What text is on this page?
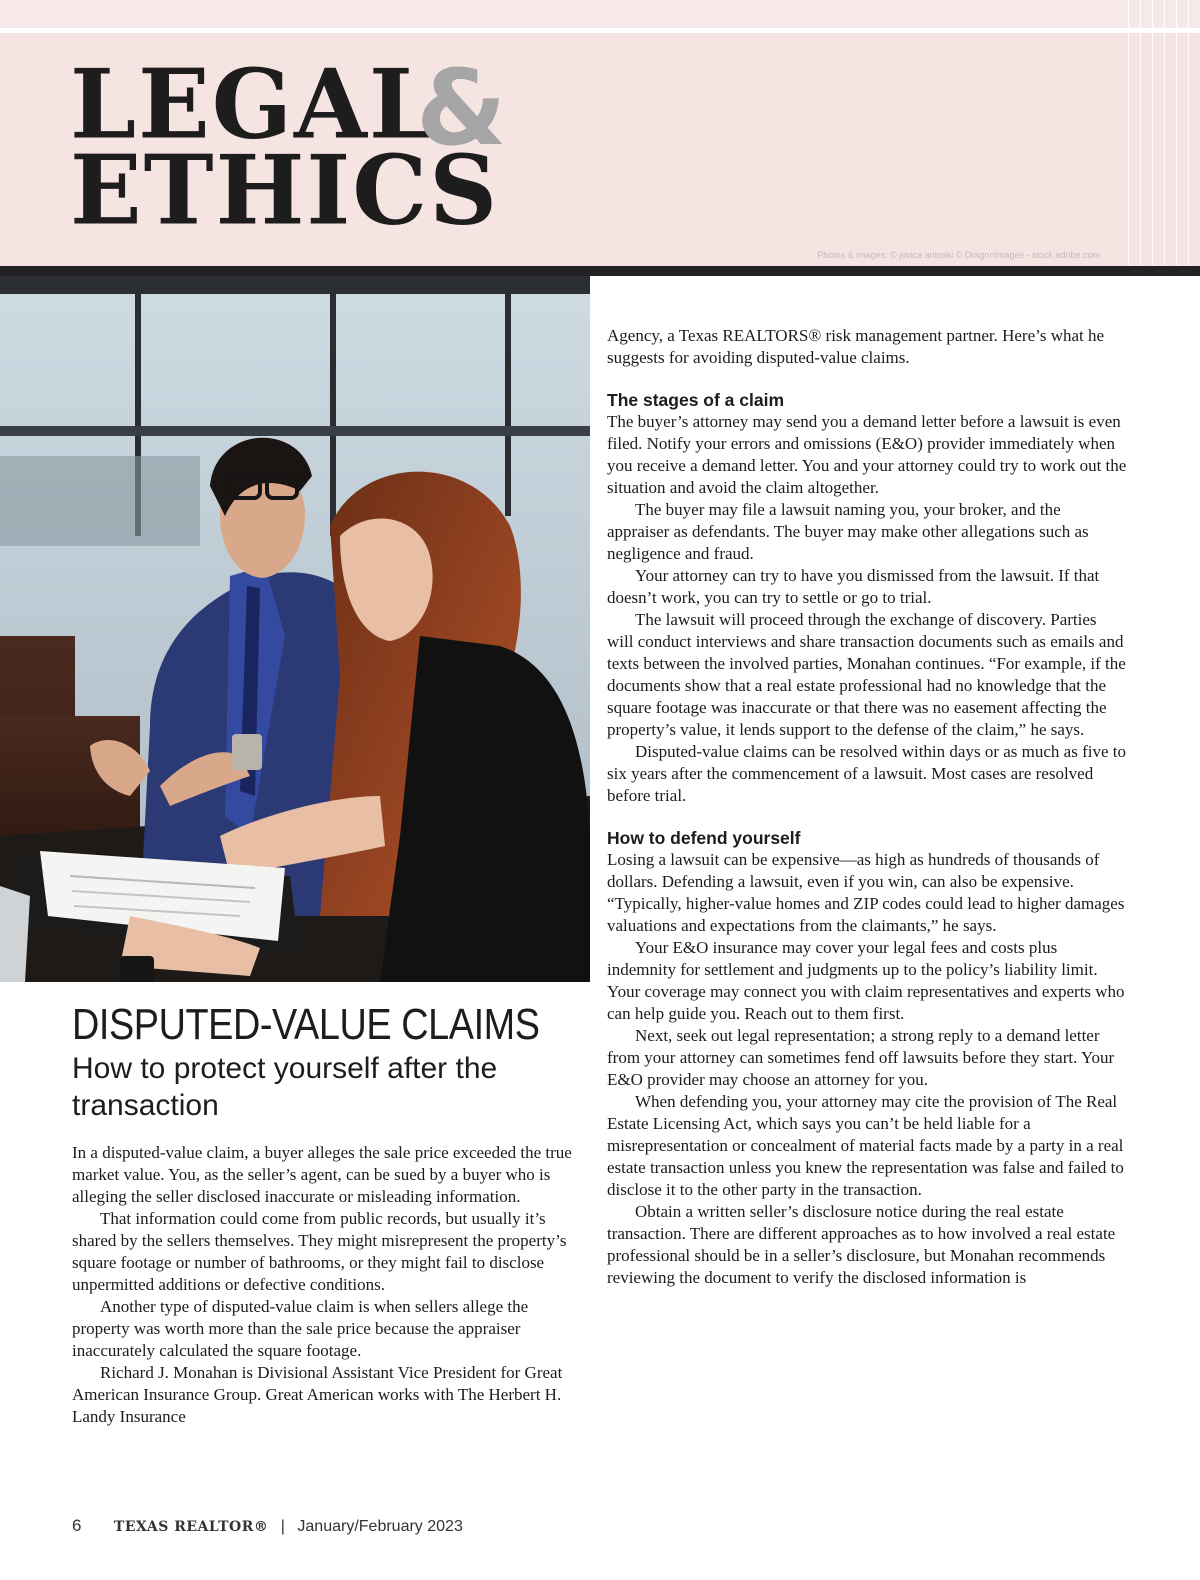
LEGAL
&
ETHICS
Photos & images: © jovica antoski © DragonImages - stock.adobe.com
DISPUTED-VALUE CLAIMS
How to protect yourself after the transaction

In a disputed-value claim, a buyer alleges the sale price exceeded the true market value. You, as the seller’s agent, can be sued by a buyer who is alleging the seller disclosed inaccurate or misleading information.

That information could come from public records, but usually it’s shared by the sellers themselves. They might misrepresent the property’s square footage or number of bathrooms, or they might fail to disclose unpermitted additions or defective conditions.

Another type of disputed-value claim is when sellers allege the property was worth more than the sale price because the appraiser inaccurately calculated the square footage.

Richard J. Monahan is Divisional Assistant Vice President for Great American Insurance Group. Great American works with The Herbert H. Landy Insurance

Agency, a Texas REALTORS® risk management partner. Here’s what he suggests for avoiding disputed-value claims.

The stages of a claim

The buyer’s attorney may send you a demand letter before a lawsuit is even filed. Notify your errors and omissions (E&O) provider immediately when you receive a demand letter. You and your attorney could try to work out the situation and avoid the claim altogether.

The buyer may file a lawsuit naming you, your broker, and the appraiser as defendants. The buyer may make other allegations such as negligence and fraud.

Your attorney can try to have you dismissed from the lawsuit. If that doesn’t work, you can try to settle or go to trial.

The lawsuit will proceed through the exchange of discovery. Parties will conduct interviews and share transaction documents such as emails and texts between the involved parties, Monahan continues. “For example, if the documents show that a real estate professional had no knowledge that the square footage was inaccurate or that there was no easement affecting the property’s value, it lends support to the defense of the claim,” he says.

Disputed-value claims can be resolved within days or as much as five to six years after the commencement of a lawsuit. Most cases are resolved before trial.

How to defend yourself

Losing a lawsuit can be expensive—as high as hundreds of thousands of dollars. Defending a lawsuit, even if you win, can also be expensive. “Typically, higher-value homes and ZIP codes could lead to higher damages valuations and expectations from the claimants,” he says.

Your E&O insurance may cover your legal fees and costs plus indemnity for settlement and judgments up to the policy’s liability limit. Your coverage may connect you with claim representatives and experts who can help guide you. Reach out to them first.

Next, seek out legal representation; a strong reply to a demand letter from your attorney can sometimes fend off lawsuits before they start. Your E&O provider may choose an attorney for you.

When defending you, your attorney may cite the provision of The Real Estate Licensing Act, which says you can’t be held liable for a misrepresentation or concealment of material facts made by a party in a real estate transaction unless you knew the representation was false and failed to disclose it to the other party in the transaction.

Obtain a written seller’s disclosure notice during the real estate transaction. There are different approaches as to how involved a real estate professional should be in a seller’s disclosure, but Monahan recommends reviewing the document to verify the disclosed information is

6 TEXAS REALTOR® | January/February 2023
